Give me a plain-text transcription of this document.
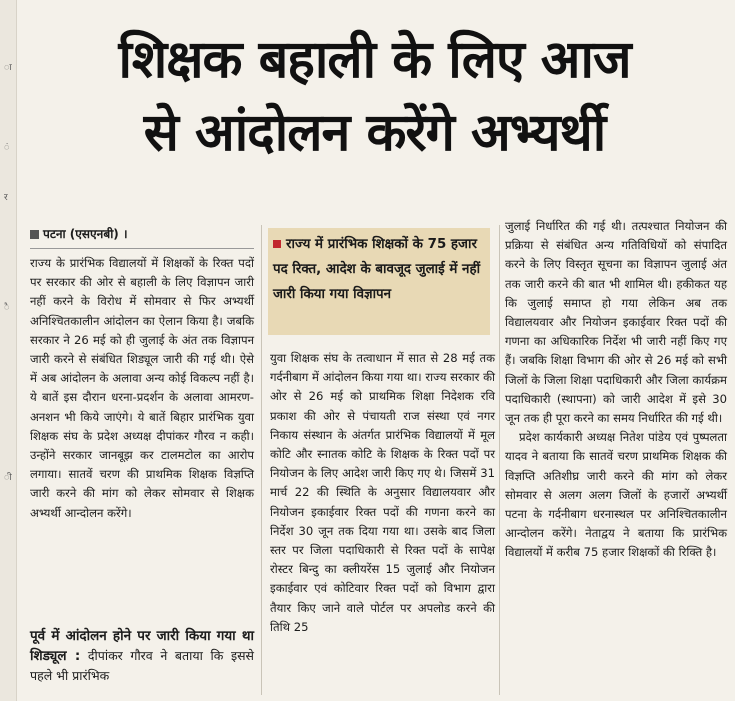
ा
ं
र
ै
ी
शिक्षक बहाली के लिए आज
से आंदोलन करेंगे अभ्यर्थी
पटना (एसएनबी) ।

राज्य के प्रारंभिक विद्यालयों में शिक्षकों के रिक्त पदों पर सरकार की ओर से बहाली के लिए विज्ञापन जारी नहीं करने के विरोध में सोमवार से फिर अभ्यर्थी अनिश्चितकालीन आंदोलन का ऐलान किया है। जबकि सरकार ने 26 मई को ही जुलाई के अंत तक विज्ञापन जारी करने से संबंधित शिड्यूल जारी की गई थी। ऐसे में अब आंदोलन के अलावा अन्य कोई विकल्प नहीं है। ये बातें इस दौरान धरना-प्रदर्शन के अलावा आमरण-अनशन भी किये जाएंगे। ये बातें बिहार प्रारंभिक युवा शिक्षक संघ के प्रदेश अध्यक्ष दीपांकर गौरव न कही। उन्होंने सरकार जानबूझ कर टालमटोल का आरोप लगाया। सातवें चरण की प्राथमिक शिक्षक विज्ञप्ति जारी करने की मांग को लेकर सोमवार से शिक्षक अभ्यर्थी आन्दोलन करेंगे।

पूर्व में आंदोलन होने पर जारी किया गया था शिड्यूल : दीपांकर गौरव ने बताया कि इससे पहले भी प्रारंभिक
राज्य में प्रारंभिक शिक्षकों के 75 हजार पद रिक्त, आदेश के बावजूद जुलाई में नहीं जारी किया गया विज्ञापन

युवा शिक्षक संघ के तत्वाधान में सात से 28 मई तक गर्दनीबाग में आंदोलन किया गया था। राज्य सरकार की ओर से 26 मई को प्राथमिक शिक्षा निदेशक रवि प्रकाश की ओर से पंचायती राज संस्था एवं नगर निकाय संस्थान के अंतर्गत प्रारंभिक विद्यालयों में मूल कोटि और स्नातक कोटि के शिक्षक के रिक्त पदों पर नियोजन के लिए आदेश जारी किए गए थे। जिसमें 31 मार्च 22 की स्थिति के अनुसार विद्यालयवार और नियोजन इकाईवार रिक्त पदों की गणना करने का निर्देश 30 जून तक दिया गया था। उसके बाद जिला स्तर पर जिला पदाधिकारी से रिक्त पदों के सापेक्ष रोस्टर बिन्दु का क्लीयरेंस 15 जुलाई और नियोजन इकाईवार एवं कोटिवार रिक्त पदों को विभाग द्वारा तैयार किए जाने वाले पोर्टल पर अपलोड करने की तिथि 25

जुलाई निर्धारित की गई थी। तत्पश्चात नियोजन की प्रक्रिया से संबंधित अन्य गतिविधियों को संपादित करने के लिए विस्तृत सूचना का विज्ञापन जुलाई अंत तक जारी करने की बात भी शामिल थी। हकीकत यह कि जुलाई समाप्त हो गया लेकिन अब तक विद्यालयवार और नियोजन इकाईवार रिक्त पदों की गणना का अधिकारिक निर्देश भी जारी नहीं किए गए हैं। जबकि शिक्षा विभाग की ओर से 26 मई को सभी जिलों के जिला शिक्षा पदाधिकारी और जिला कार्यक्रम पदाधिकारी (स्थापना) को जारी आदेश में इसे 30 जून तक ही पूरा करने का समय निर्धारित की गई थी।

प्रदेश कार्यकारी अध्यक्ष नितेश पांडेय एवं पुष्पलता यादव ने बताया कि सातवें चरण प्राथमिक शिक्षक की विज्ञप्ति अतिशीघ्र जारी करने की मांग को लेकर सोमवार से अलग अलग जिलों के हजारों अभ्यर्थी पटना के गर्दनीबाग धरनास्थल पर अनिश्चितकालीन आन्दोलन करेंगे। नेताद्वय ने बताया कि प्रारंभिक विद्यालयों में करीब 75 हजार शिक्षकों की रिक्ति है।
